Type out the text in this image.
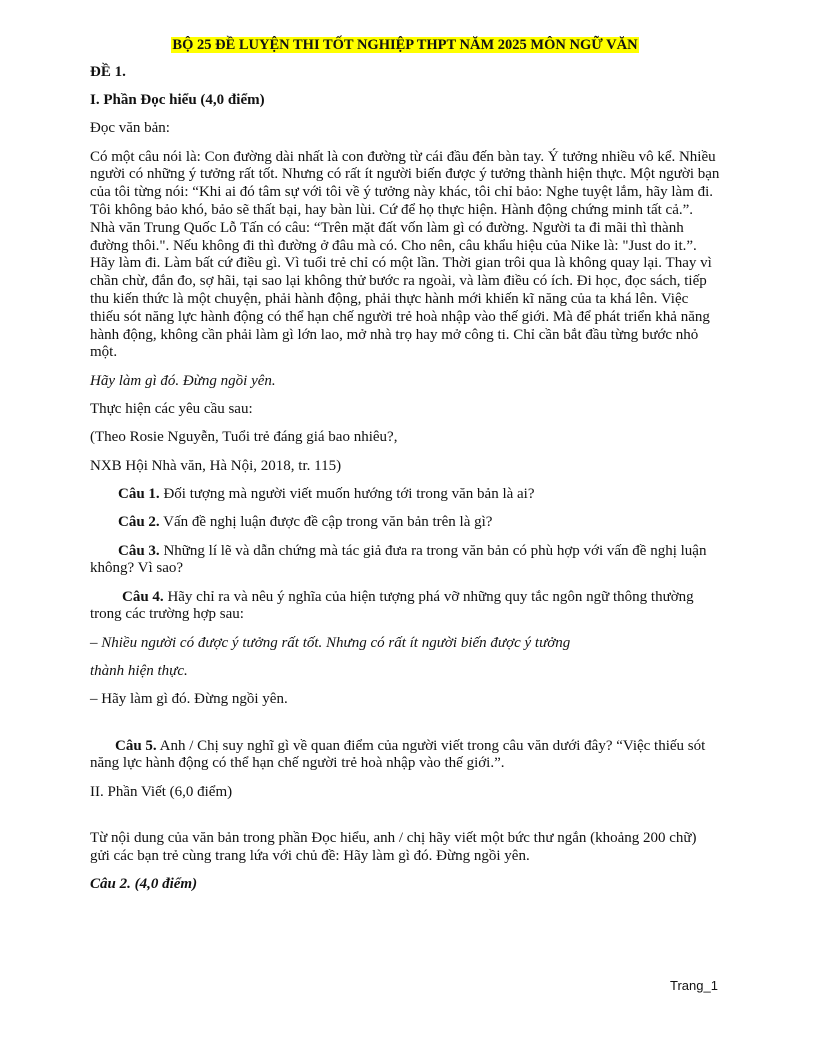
BỘ 25 ĐỀ LUYỆN THI TỐT NGHIỆP THPT NĂM 2025 MÔN NGỮ VĂN

ĐỀ 1.

I. Phần Đọc hiểu (4,0 điểm)

Đọc văn bản:

Có một câu nói là: Con đường dài nhất là con đường từ cái đầu đến bàn tay. Ý tưởng nhiều vô kể. Nhiều người có những ý tưởng rất tốt. Nhưng có rất ít người biến được ý tưởng thành hiện thực. Một người bạn của tôi từng nói: “Khi ai đó tâm sự với tôi về ý tưởng này khác, tôi chỉ bảo: Nghe tuyệt lắm, hãy làm đi. Tôi không bảo khó, bảo sẽ thất bại, hay bàn lùi. Cứ để họ thực hiện. Hành động chứng minh tất cả.”. Nhà văn Trung Quốc Lỗ Tấn có câu: “Trên mặt đất vốn làm gì có đường. Người ta đi mãi thì thành đường thôi.". Nếu không đi thì đường ở đâu mà có. Cho nên, câu khẩu hiệu của Nike là: "Just do it.”. Hãy làm đi. Làm bất cứ điều gì. Vì tuổi trẻ chỉ có một lần. Thời gian trôi qua là không quay lại. Thay vì chần chừ, đắn đo, sợ hãi, tại sao lại không thử bước ra ngoài, và làm điều có ích. Đi học, đọc sách, tiếp thu kiến thức là một chuyện, phải hành động, phải thực hành mới khiến kĩ năng của ta khá lên. Việc thiếu sót năng lực hành động có thể hạn chế người trẻ hoà nhập vào thế giới. Mà để phát triển khả năng hành động, không cần phải làm gì lớn lao, mở nhà trọ hay mở công ti. Chỉ cần bắt đầu từng bước nhỏ một.

Hãy làm gì đó. Đừng ngồi yên.

Thực hiện các yêu cầu sau:

(Theo Rosie Nguyễn, Tuổi trẻ đáng giá bao nhiêu?,

NXB Hội Nhà văn, Hà Nội, 2018, tr. 115)

Câu 1. Đối tượng mà người viết muốn hướng tới trong văn bản là ai?

Câu 2. Vấn đề nghị luận được đề cập trong văn bản trên là gì?

Câu 3. Những lí lẽ và dẫn chứng mà tác giả đưa ra trong văn bản có phù hợp với vấn đề nghị luận không? Vì sao?

Câu 4. Hãy chỉ ra và nêu ý nghĩa của hiện tượng phá vỡ những quy tắc ngôn ngữ thông thường trong các trường hợp sau:

– Nhiều người có được ý tưởng rất tốt. Nhưng có rất ít người biến được ý tưởng

thành hiện thực.

– Hãy làm gì đó. Đừng ngồi yên.

Câu 5. Anh / Chị suy nghĩ gì về quan điểm của người viết trong câu văn dưới đây? “Việc thiếu sót năng lực hành động có thể hạn chế người trẻ hoà nhập vào thế giới.”.

II. Phần Viết (6,0 điểm)

Từ nội dung của văn bản trong phần Đọc hiểu, anh / chị hãy viết một bức thư ngắn (khoảng 200 chữ) gửi các bạn trẻ cùng trang lứa với chủ đề: Hãy làm gì đó. Đừng ngồi yên.

Câu 2. (4,0 điểm)

Trang_1
